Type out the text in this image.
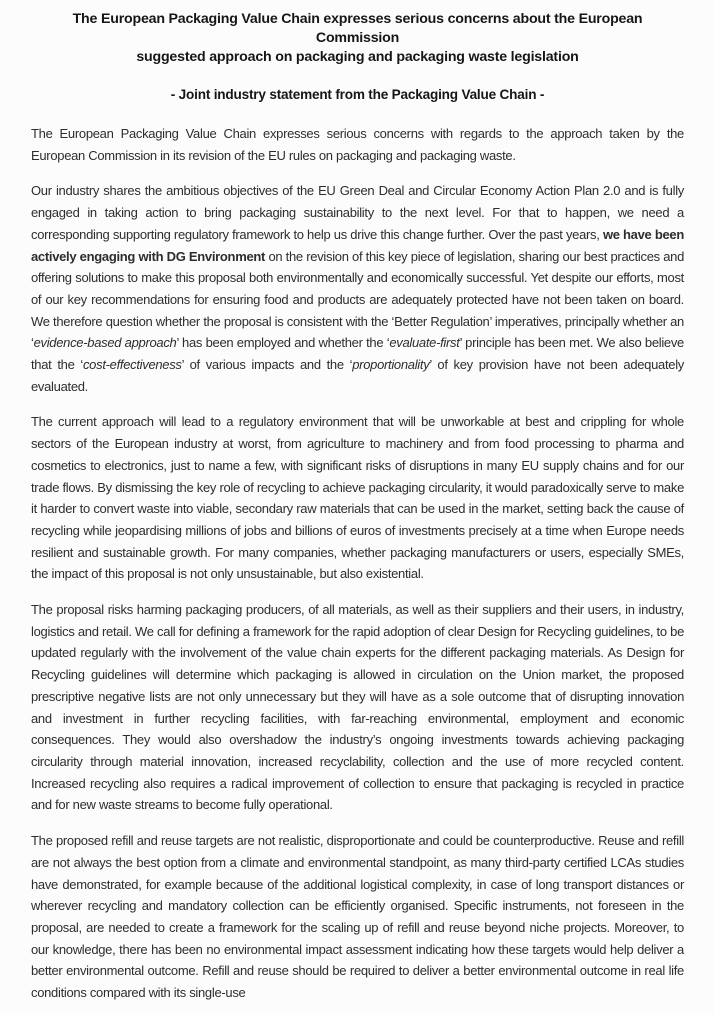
The European Packaging Value Chain expresses serious concerns about the European Commission
suggested approach on packaging and packaging waste legislation
- Joint industry statement from the Packaging Value Chain -

The European Packaging Value Chain expresses serious concerns with regards to the approach taken by the European Commission in its revision of the EU rules on packaging and packaging waste.

Our industry shares the ambitious objectives of the EU Green Deal and Circular Economy Action Plan 2.0 and is fully engaged in taking action to bring packaging sustainability to the next level. For that to happen, we need a corresponding supporting regulatory framework to help us drive this change further. Over the past years, we have been actively engaging with DG Environment on the revision of this key piece of legislation, sharing our best practices and offering solutions to make this proposal both environmentally and economically successful. Yet despite our efforts, most of our key recommendations for ensuring food and products are adequately protected have not been taken on board. We therefore question whether the proposal is consistent with the ‘Better Regulation’ imperatives, principally whether an ‘evidence-based approach’ has been employed and whether the ‘evaluate-first’ principle has been met. We also believe that the ‘cost-effectiveness’ of various impacts and the ‘proportionality’ of key provision have not been adequately evaluated.

The current approach will lead to a regulatory environment that will be unworkable at best and crippling for whole sectors of the European industry at worst, from agriculture to machinery and from food processing to pharma and cosmetics to electronics, just to name a few, with significant risks of disruptions in many EU supply chains and for our trade flows. By dismissing the key role of recycling to achieve packaging circularity, it would paradoxically serve to make it harder to convert waste into viable, secondary raw materials that can be used in the market, setting back the cause of recycling while jeopardising millions of jobs and billions of euros of investments precisely at a time when Europe needs resilient and sustainable growth. For many companies, whether packaging manufacturers or users, especially SMEs, the impact of this proposal is not only unsustainable, but also existential.

The proposal risks harming packaging producers, of all materials, as well as their suppliers and their users, in industry, logistics and retail. We call for defining a framework for the rapid adoption of clear Design for Recycling guidelines, to be updated regularly with the involvement of the value chain experts for the different packaging materials. As Design for Recycling guidelines will determine which packaging is allowed in circulation on the Union market, the proposed prescriptive negative lists are not only unnecessary but they will have as a sole outcome that of disrupting innovation and investment in further recycling facilities, with far-reaching environmental, employment and economic consequences. They would also overshadow the industry’s ongoing investments towards achieving packaging circularity through material innovation, increased recyclability, collection and the use of more recycled content. Increased recycling also requires a radical improvement of collection to ensure that packaging is recycled in practice and for new waste streams to become fully operational.

The proposed refill and reuse targets are not realistic, disproportionate and could be counterproductive. Reuse and refill are not always the best option from a climate and environmental standpoint, as many third-party certified LCAs studies have demonstrated, for example because of the additional logistical complexity, in case of long transport distances or wherever recycling and mandatory collection can be efficiently organised. Specific instruments, not foreseen in the proposal, are needed to create a framework for the scaling up of refill and reuse beyond niche projects. Moreover, to our knowledge, there has been no environmental impact assessment indicating how these targets would help deliver a better environmental outcome. Refill and reuse should be required to deliver a better environmental outcome in real life conditions compared with its single-use
